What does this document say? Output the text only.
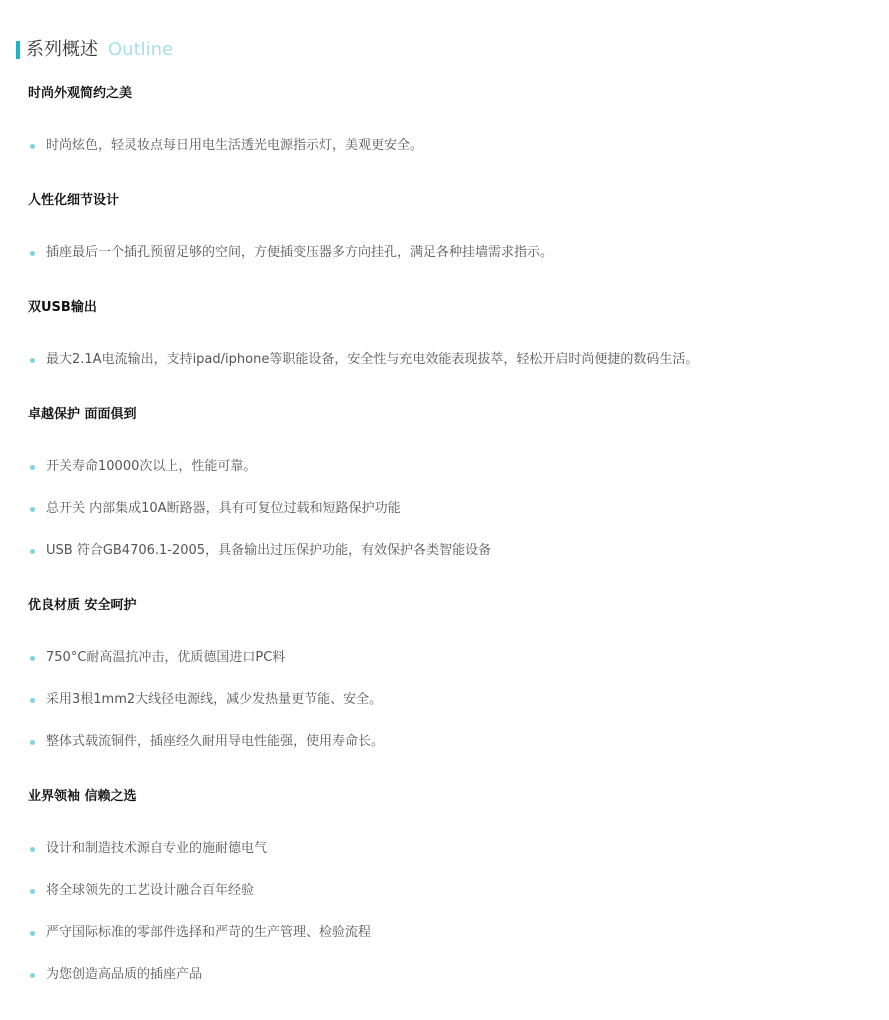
系列概述 Outline
时尚外观简约之美
时尚炫色，轻灵妆点每日用电生活透光电源指示灯，美观更安全。
人性化细节设计
插座最后一个插孔预留足够的空间，方便插变压器多方向挂孔，满足各种挂墙需求指示。
双USB输出
最大2.1A电流输出，支持ipad/iphone等职能设备，安全性与充电效能表现拔萃，轻松开启时尚便捷的数码生活。
卓越保护 面面俱到
开关寿命10000次以上，性能可靠。
总开关 内部集成10A断路器，具有可复位过载和短路保护功能
USB 符合GB4706.1-2005，具备输出过压保护功能，有效保护各类智能设备
优良材质 安全呵护
750°C耐高温抗冲击，优质德国进口PC料
采用3根1mm2大线径电源线，减少发热量更节能、安全。
整体式载流铜件，插座经久耐用导电性能强，使用寿命长。
业界领袖 信赖之选
设计和制造技术源自专业的施耐德电气
将全球领先的工艺设计融合百年经验
严守国际标准的零部件选择和严苛的生产管理、检验流程
为您创造高品质的插座产品
